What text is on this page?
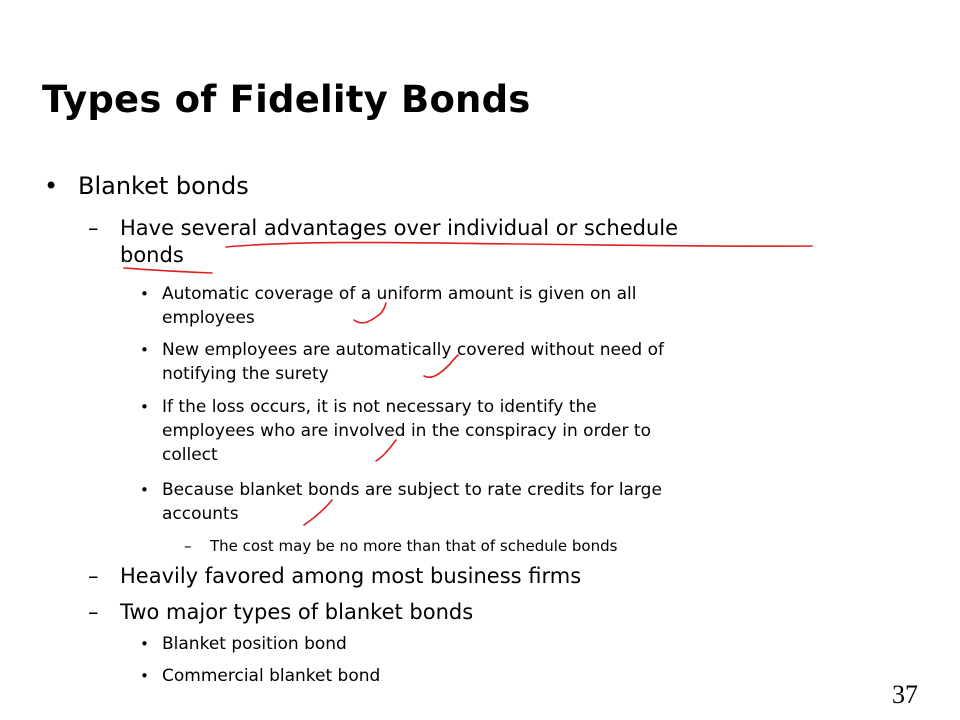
Types of Fidelity Bonds
• Blanket bonds
– Have several advantages over individual or schedule
bonds
• Automatic coverage of a uniform amount is given on all
employees
• New employees are automatically covered without need of
notifying the surety
• If the loss occurs, it is not necessary to identify the
employees who are involved in the conspiracy in order to
collect
• Because blanket bonds are subject to rate credits for large
accounts
– The cost may be no more than that of schedule bonds
– Heavily favored among most business firms
– Two major types of blanket bonds
• Blanket position bond
• Commercial blanket bond
37
